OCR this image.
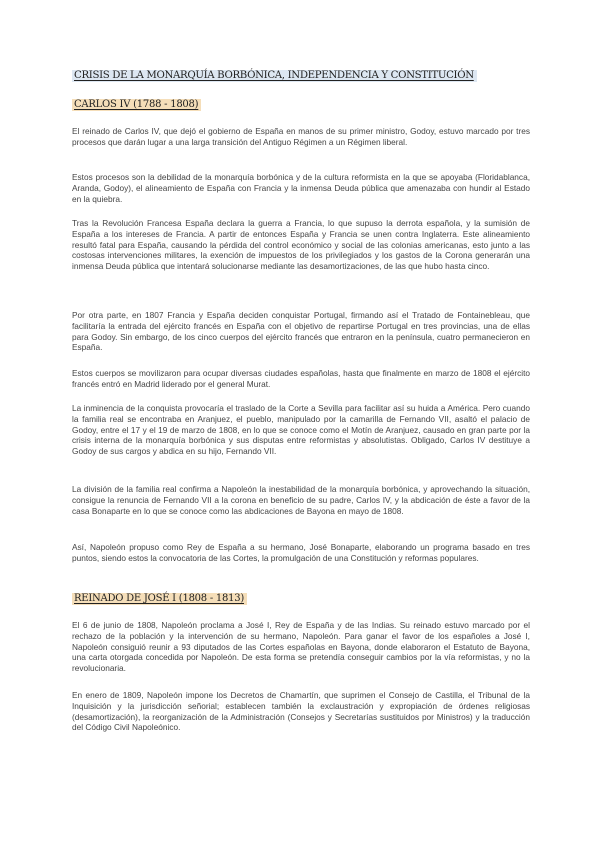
CRISIS DE LA MONARQUÍA BORBÓNICA, INDEPENDENCIA Y CONSTITUCIÓN
CARLOS IV (1788 - 1808)

El reinado de Carlos IV, que dejó el gobierno de España en manos de su primer ministro, Godoy, estuvo marcado por tres procesos que darán lugar a una larga transición del Antiguo Régimen a un Régimen liberal.

Estos procesos son la debilidad de la monarquía borbónica y de la cultura reformista en la que se apoyaba (Floridablanca, Aranda, Godoy), el alineamiento de España con Francia y la inmensa Deuda pública que amenazaba con hundir al Estado en la quiebra.

Tras la Revolución Francesa España declara la guerra a Francia, lo que supuso la derrota española, y la sumisión de España a los intereses de Francia. A partir de entonces España y Francia se unen contra Inglaterra. Este alineamiento resultó fatal para España, causando la pérdida del control económico y social de las colonias americanas, esto junto a las costosas intervenciones militares, la exención de impuestos de los privilegiados y los gastos de la Corona generarán una inmensa Deuda pública que intentará solucionarse mediante las desamortizaciones, de las que hubo hasta cinco.

Por otra parte, en 1807 Francia y España deciden conquistar Portugal, firmando así el Tratado de Fontainebleau, que facilitaría la entrada del ejército francés en España con el objetivo de repartirse Portugal en tres provincias, una de ellas para Godoy. Sin embargo, de los cinco cuerpos del ejército francés que entraron en la península, cuatro permanecieron en España.

Estos cuerpos se movilizaron para ocupar diversas ciudades españolas, hasta que finalmente en marzo de 1808 el ejército francés entró en Madrid liderado por el general Murat.

La inminencia de la conquista provocaría el traslado de la Corte a Sevilla para facilitar así su huida a América. Pero cuando la familia real se encontraba en Aranjuez, el pueblo, manipulado por la camarilla de Fernando VII, asaltó el palacio de Godoy, entre el 17 y el 19 de marzo de 1808, en lo que se conoce como el Motín de Aranjuez, causado en gran parte por la crisis interna de la monarquía borbónica y sus disputas entre reformistas y absolutistas. Obligado, Carlos IV destituye a Godoy de sus cargos y abdica en su hijo, Fernando VII.

La división de la familia real confirma a Napoleón la inestabilidad de la monarquía borbónica, y aprovechando la situación, consigue la renuncia de Fernando VII a la corona en beneficio de su padre, Carlos IV, y la abdicación de éste a favor de la casa Bonaparte en lo que se conoce como las abdicaciones de Bayona en mayo de 1808.

Así, Napoleón propuso como Rey de España a su hermano, José Bonaparte, elaborando un programa basado en tres puntos, siendo estos la convocatoria de las Cortes, la promulgación de una Constitución y reformas populares.

REINADO DE JOSÉ I (1808 - 1813)

El 6 de junio de 1808, Napoleón proclama a José I, Rey de España y de las Indias. Su reinado estuvo marcado por el rechazo de la población y la intervención de su hermano, Napoleón. Para ganar el favor de los españoles a José I, Napoleón consiguió reunir a 93 diputados de las Cortes españolas en Bayona, donde elaboraron el Estatuto de Bayona, una carta otorgada concedida por Napoleón. De esta forma se pretendía conseguir cambios por la vía reformistas, y no la revolucionaria.

En enero de 1809, Napoleón impone los Decretos de Chamartín, que suprimen el Consejo de Castilla, el Tribunal de la Inquisición y la jurisdicción señorial; establecen también la exclaustración y expropiación de órdenes religiosas (desamortización), la reorganización de la Administración (Consejos y Secretarías sustituidos por Ministros) y la traducción del Código Civil Napoleónico.
